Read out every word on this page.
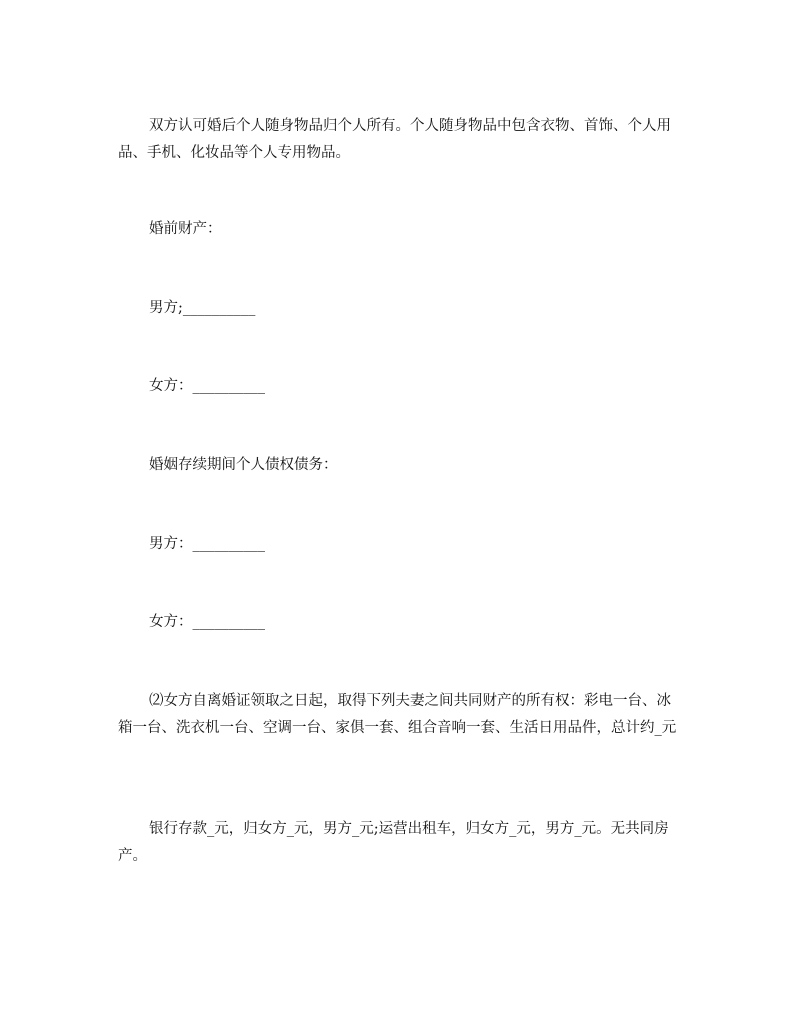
双方认可婚后个人随身物品归个人所有。个人随身物品中包含衣物、首饰、个人用品、手机、化妆品等个人专用物品。

婚前财产：

男方;__________

女方：__________

婚姻存续期间个人债权债务：

男方：__________

女方：__________

⑵女方自离婚证领取之日起，取得下列夫妻之间共同财产的所有权：彩电一台、冰箱一台、洗衣机一台、空调一台、家俱一套、组合音响一套、生活日用品件，总计约_元

银行存款_元，归女方_元，男方_元;运营出租车，归女方_元，男方_元。无共同房产。
